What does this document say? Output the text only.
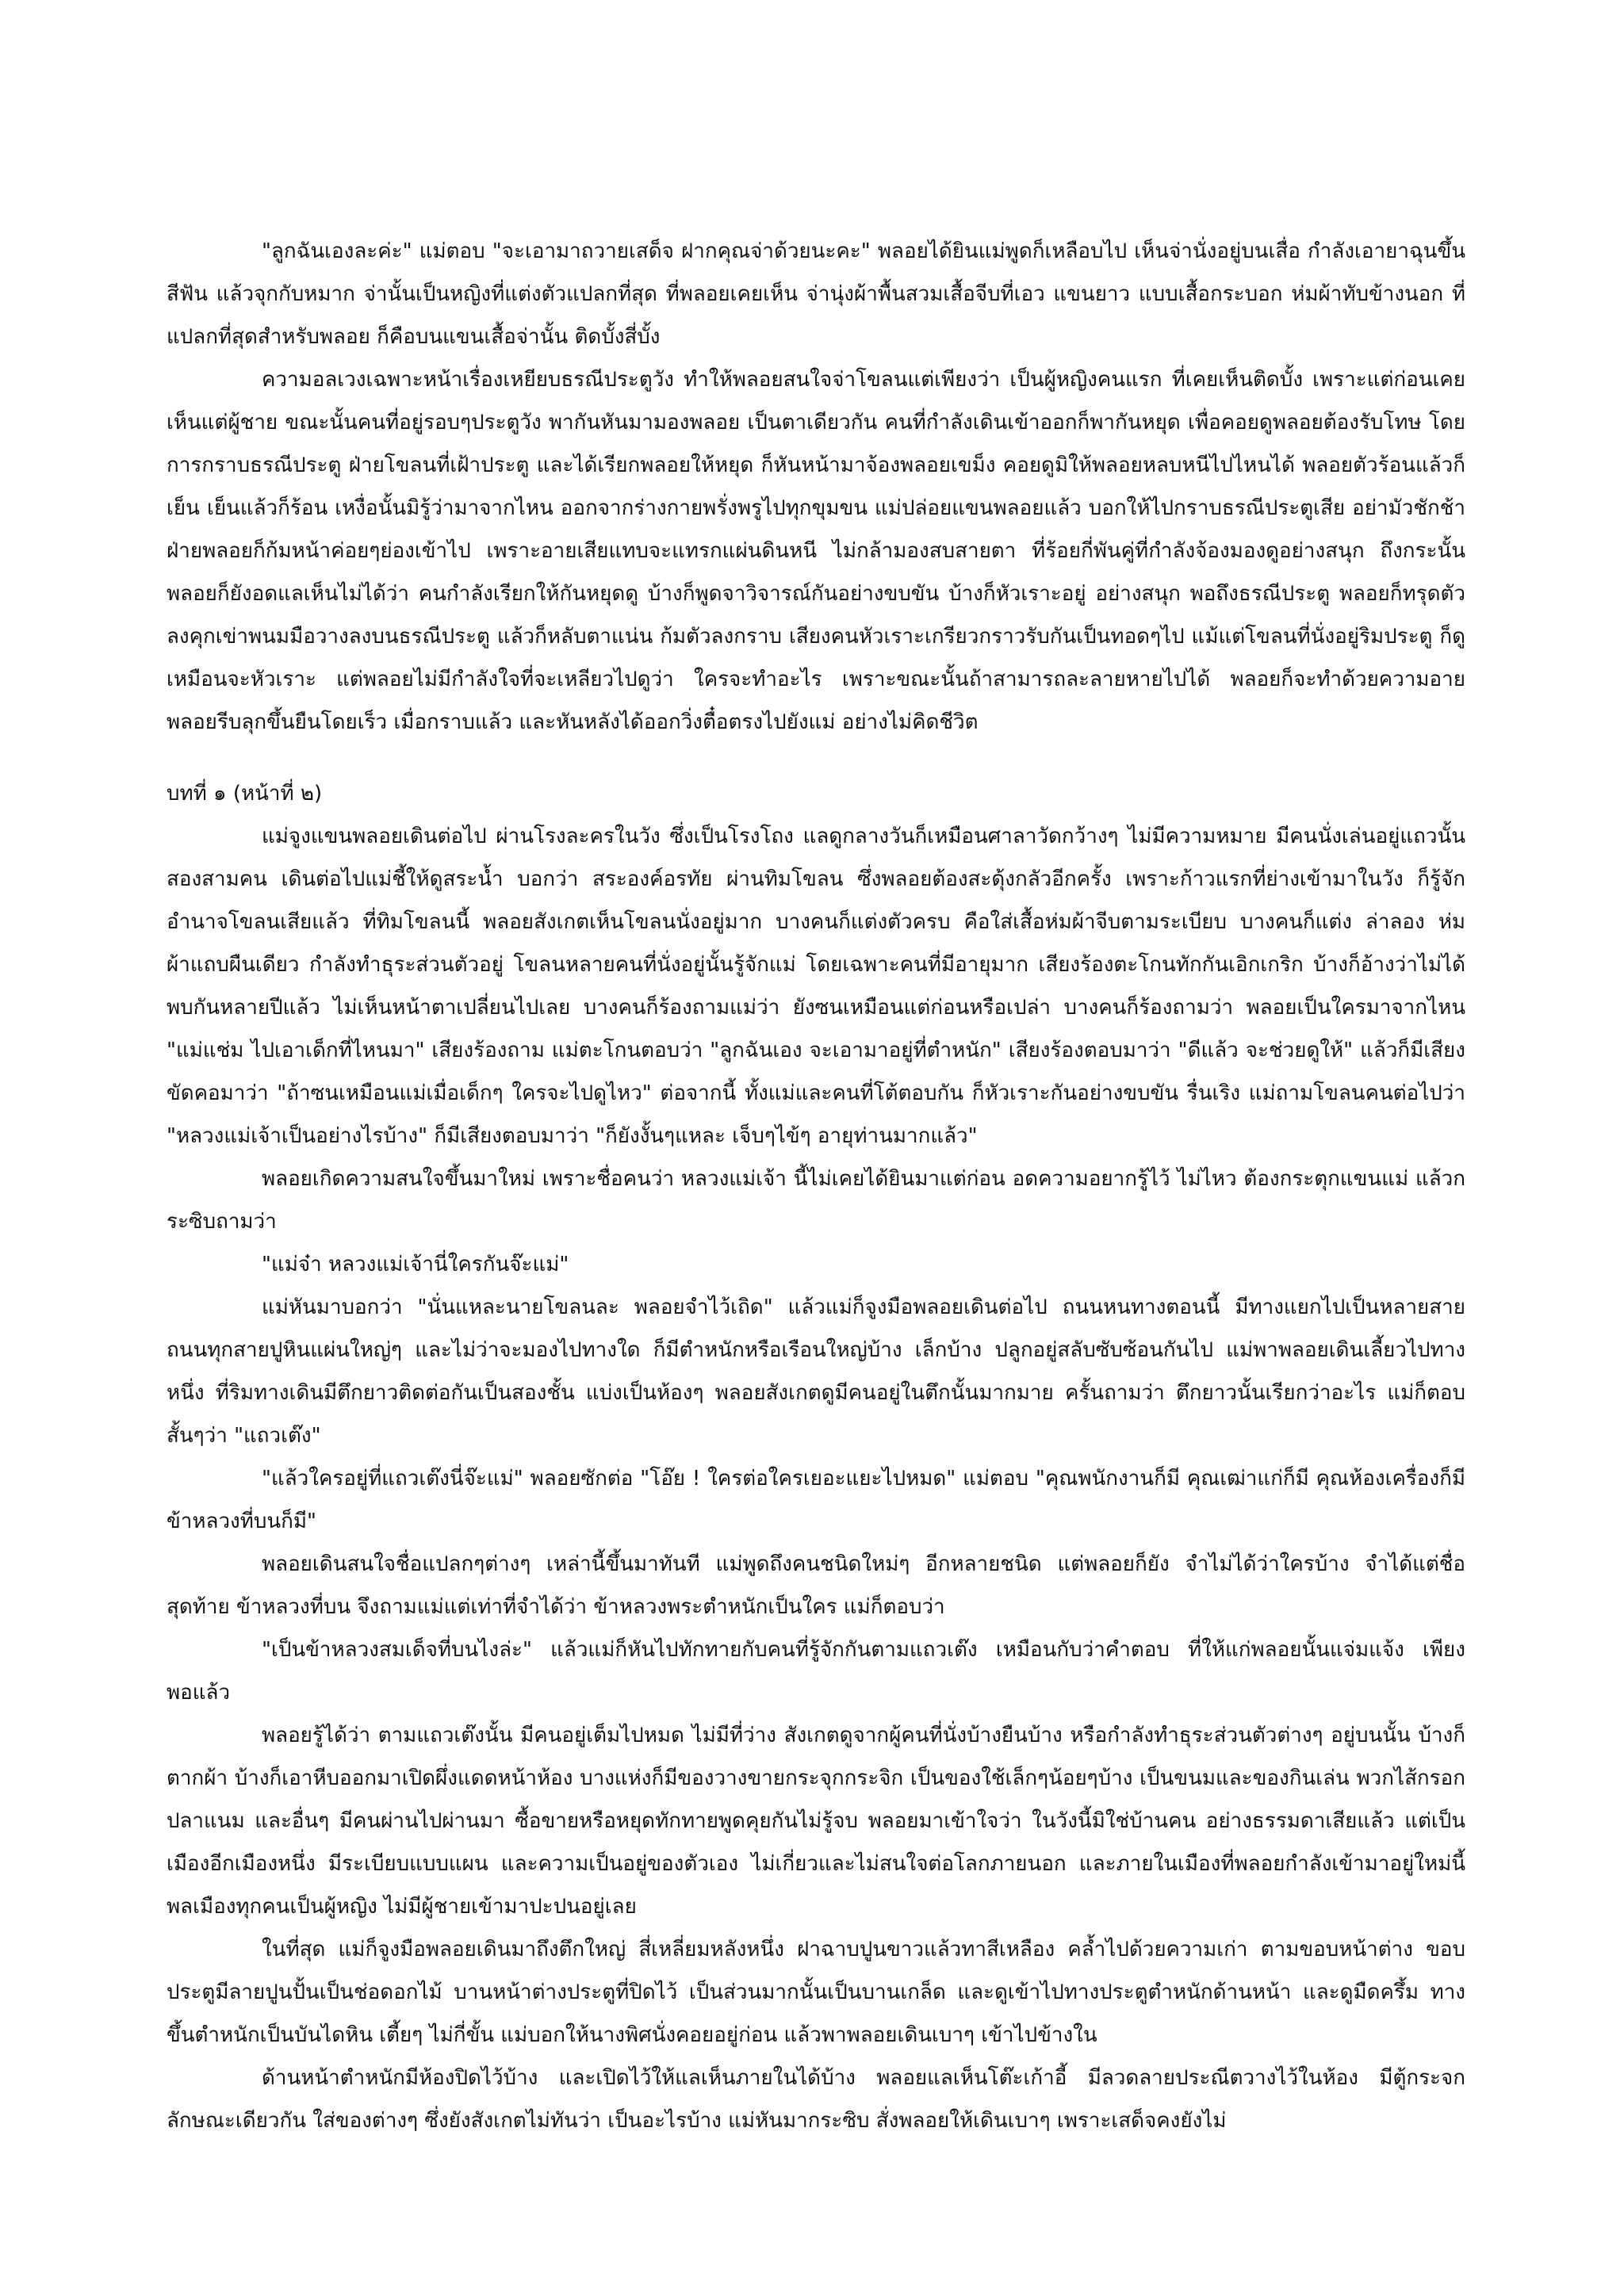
"ลูกฉันเองละค่ะ" แม่ตอบ "จะเอามาถวายเสด็จ ฝากคุณจ่าด้วยนะคะ" พลอยได้ยินแม่พูดก็เหลือบไป เห็นจ่านั่งอยู่บนเสื่อ กำลังเอายาฉุนขึ้นสีฟัน แล้วจุกกับหมาก จ่านั้นเป็นหญิงที่แต่งตัวแปลกที่สุด ที่พลอยเคยเห็น จ่านุ่งผ้าพื้นสวมเสื้อจีบที่เอว แขนยาว แบบเสื้อกระบอก ห่มผ้าทับข้างนอก ที่แปลกที่สุดสำหรับพลอย ก็คือบนแขนเสื้อจ่านั้น ติดบั้งสี่บั้ง

ความอลเวงเฉพาะหน้าเรื่องเหยียบธรณีประตูวัง ทำให้พลอยสนใจจ่าโขลนแต่เพียงว่า เป็นผู้หญิงคนแรก ที่เคยเห็นติดบั้ง เพราะแต่ก่อนเคยเห็นแต่ผู้ชาย ขณะนั้นคนที่อยู่รอบๆประตูวัง พากันหันมามองพลอย เป็นตาเดียวกัน คนที่กำลังเดินเข้าออกก็พากันหยุด เพื่อคอยดูพลอยต้องรับโทษ โดยการกราบธรณีประตู ฝ่ายโขลนที่เฝ้าประตู และได้เรียกพลอยให้หยุด ก็หันหน้ามาจ้องพลอยเขม็ง คอยดูมิให้พลอยหลบหนีไปไหนได้ พลอยตัวร้อนแล้วก็เย็น เย็นแล้วก็ร้อน เหงื่อนั้นมิรู้ว่ามาจากไหน ออกจากร่างกายพรั่งพรูไปทุกขุมขน แม่ปล่อยแขนพลอยแล้ว บอกให้ไปกราบธรณีประตูเสีย อย่ามัวชักช้า ฝ่ายพลอยก็ก้มหน้าค่อยๆย่องเข้าไป เพราะอายเสียแทบจะแทรกแผ่นดินหนี ไม่กล้ามองสบสายตา ที่ร้อยกี่พันคู่ที่กำลังจ้องมองดูอย่างสนุก ถึงกระนั้น พลอยก็ยังอดแลเห็นไม่ได้ว่า คนกำลังเรียกให้กันหยุดดู บ้างก็พูดจาวิจารณ์กันอย่างขบขัน บ้างก็หัวเราะอยู่ อย่างสนุก พอถึงธรณีประตู พลอยก็ทรุดตัวลงคุกเข่าพนมมือวางลงบนธรณีประตู แล้วก็หลับตาแน่น ก้มตัวลงกราบ เสียงคนหัวเราะเกรียวกราวรับกันเป็นทอดๆไป แม้แต่โขลนที่นั่งอยู่ริมประตู ก็ดูเหมือนจะหัวเราะ แต่พลอยไม่มีกำลังใจที่จะเหลียวไปดูว่า ใครจะทำอะไร เพราะขณะนั้นถ้าสามารถละลายหายไปได้ พลอยก็จะทำด้วยความอาย พลอยรีบลุกขึ้นยืนโดยเร็ว เมื่อกราบแล้ว และหันหลังได้ออกวิ่งตื๋อตรงไปยังแม่ อย่างไม่คิดชีวิต

บทที่ ๑ (หน้าที่ ๒)

แม่จูงแขนพลอยเดินต่อไป ผ่านโรงละครในวัง ซึ่งเป็นโรงโถง แลดูกลางวันก็เหมือนศาลาวัดกว้างๆ ไม่มีความหมาย มีคนนั่งเล่นอยู่แถวนั้นสองสามคน เดินต่อไปแม่ชี้ให้ดูสระน้ำ บอกว่า สระองค์อรทัย ผ่านทิมโขลน ซึ่งพลอยต้องสะดุ้งกลัวอีกครั้ง เพราะก้าวแรกที่ย่างเข้ามาในวัง ก็รู้จักอำนาจโขลนเสียแล้ว ที่ทิมโขลนนี้ พลอยสังเกตเห็นโขลนนั่งอยู่มาก บางคนก็แต่งตัวครบ คือใส่เสื้อห่มผ้าจีบตามระเบียบ บางคนก็แต่ง ล่าลอง ห่มผ้าแถบผืนเดียว กำลังทำธุระส่วนตัวอยู่ โขลนหลายคนที่นั่งอยู่นั้นรู้จักแม่ โดยเฉพาะคนที่มีอายุมาก เสียงร้องตะโกนทักกันเอิกเกริก บ้างก็อ้างว่าไม่ได้พบกันหลายปีแล้ว ไม่เห็นหน้าตาเปลี่ยนไปเลย บางคนก็ร้องถามแม่ว่า ยังซนเหมือนแต่ก่อนหรือเปล่า บางคนก็ร้องถามว่า พลอยเป็นใครมาจากไหน "แม่แช่ม ไปเอาเด็กที่ไหนมา" เสียงร้องถาม แม่ตะโกนตอบว่า "ลูกฉันเอง จะเอามาอยู่ที่ตำหนัก" เสียงร้องตอบมาว่า "ดีแล้ว จะช่วยดูให้" แล้วก็มีเสียงขัดคอมาว่า "ถ้าซนเหมือนแม่เมื่อเด็กๆ ใครจะไปดูไหว" ต่อจากนี้ ทั้งแม่และคนที่โต้ตอบกัน ก็หัวเราะกันอย่างขบขัน รื่นเริง แม่ถามโขลนคนต่อไปว่า "หลวงแม่เจ้าเป็นอย่างไรบ้าง" ก็มีเสียงตอบมาว่า "ก็ยังงั้นๆแหละ เจ็บๆไข้ๆ อายุท่านมากแล้ว"

พลอยเกิดความสนใจขึ้นมาใหม่ เพราะชื่อคนว่า หลวงแม่เจ้า นี้ไม่เคยได้ยินมาแต่ก่อน อดความอยากรู้ไว้ ไม่ไหว ต้องกระตุกแขนแม่ แล้วกระซิบถามว่า

"แม่จ๋า หลวงแม่เจ้านี่ใครกันจ๊ะแม่"

แม่หันมาบอกว่า "นั่นแหละนายโขลนละ พลอยจำไว้เถิด" แล้วแม่ก็จูงมือพลอยเดินต่อไป ถนนหนทางตอนนี้ มีทางแยกไปเป็นหลายสาย ถนนทุกสายปูหินแผ่นใหญ่ๆ และไม่ว่าจะมองไปทางใด ก็มีตำหนักหรือเรือนใหญ่บ้าง เล็กบ้าง ปลูกอยู่สลับซับซ้อนกันไป แม่พาพลอยเดินเลี้ยวไปทางหนึ่ง ที่ริมทางเดินมีตึกยาวติดต่อกันเป็นสองชั้น แบ่งเป็นห้องๆ พลอยสังเกตดูมีคนอยู่ในตึกนั้นมากมาย ครั้นถามว่า ตึกยาวนั้นเรียกว่าอะไร แม่ก็ตอบสั้นๆว่า "แถวเต๊ง"

"แล้วใครอยู่ที่แถวเต๊งนี่จ๊ะแม่" พลอยซักต่อ "โอ๊ย ! ใครต่อใครเยอะแยะไปหมด" แม่ตอบ "คุณพนักงานก็มี คุณเฒ่าแก่ก็มี คุณห้องเครื่องก็มี ข้าหลวงที่บนก็มี"

พลอยเดินสนใจชื่อแปลกๆต่างๆ เหล่านี้ขึ้นมาทันที แม่พูดถึงคนชนิดใหม่ๆ อีกหลายชนิด แต่พลอยก็ยัง จำไม่ได้ว่าใครบ้าง จำได้แต่ชื่อสุดท้าย ข้าหลวงที่บน จึงถามแม่แต่เท่าที่จำได้ว่า ข้าหลวงพระตำหนักเป็นใคร แม่ก็ตอบว่า

"เป็นข้าหลวงสมเด็จที่บนไงล่ะ" แล้วแม่ก็หันไปทักทายกับคนที่รู้จักกันตามแถวเต๊ง เหมือนกับว่าคำตอบ ที่ให้แก่พลอยนั้นแจ่มแจ้ง เพียงพอแล้ว

พลอยรู้ได้ว่า ตามแถวเต๊งนั้น มีคนอยู่เต็มไปหมด ไม่มีที่ว่าง สังเกตดูจากผู้คนที่นั่งบ้างยืนบ้าง หรือกำลังทำธุระส่วนตัวต่างๆ อยู่บนนั้น บ้างก็ตากผ้า บ้างก็เอาหีบออกมาเปิดผึ่งแดดหน้าห้อง บางแห่งก็มีของวางขายกระจุกกระจิก เป็นของใช้เล็กๆน้อยๆบ้าง เป็นขนมและของกินเล่น พวกไส้กรอกปลาแนม และอื่นๆ มีคนผ่านไปผ่านมา ซื้อขายหรือหยุดทักทายพูดคุยกันไม่รู้จบ พลอยมาเข้าใจว่า ในวังนี้มิใช่บ้านคน อย่างธรรมดาเสียแล้ว แต่เป็นเมืองอีกเมืองหนึ่ง มีระเบียบแบบแผน และความเป็นอยู่ของตัวเอง ไม่เกี่ยวและไม่สนใจต่อโลกภายนอก และภายในเมืองที่พลอยกำลังเข้ามาอยู่ใหม่นี้ พลเมืองทุกคนเป็นผู้หญิง ไม่มีผู้ชายเข้ามาปะปนอยู่เลย

ในที่สุด แม่ก็จูงมือพลอยเดินมาถึงตึกใหญ่ สี่เหลี่ยมหลังหนึ่ง ฝาฉาบปูนขาวแล้วทาสีเหลือง คล้ำไปด้วยความเก่า ตามขอบหน้าต่าง ขอบประตูมีลายปูนปั้นเป็นช่อดอกไม้ บานหน้าต่างประตูที่ปิดไว้ เป็นส่วนมากนั้นเป็นบานเกล็ด และดูเข้าไปทางประตูตำหนักด้านหน้า และดูมืดครึ้ม ทางขึ้นตำหนักเป็นบันไดหิน เตี้ยๆ ไม่กี่ขั้น แม่บอกให้นางพิศนั่งคอยอยู่ก่อน แล้วพาพลอยเดินเบาๆ เข้าไปข้างใน

ด้านหน้าตำหนักมีห้องปิดไว้บ้าง และเปิดไว้ให้แลเห็นภายในได้บ้าง พลอยแลเห็นโต๊ะเก้าอี้ มีลวดลายประณีตวางไว้ในห้อง มีตู้กระจกลักษณะเดียวกัน ใส่ของต่างๆ ซึ่งยังสังเกตไม่ทันว่า เป็นอะไรบ้าง แม่หันมากระซิบ สั่งพลอยให้เดินเบาๆ เพราะเสด็จคงยังไม่
